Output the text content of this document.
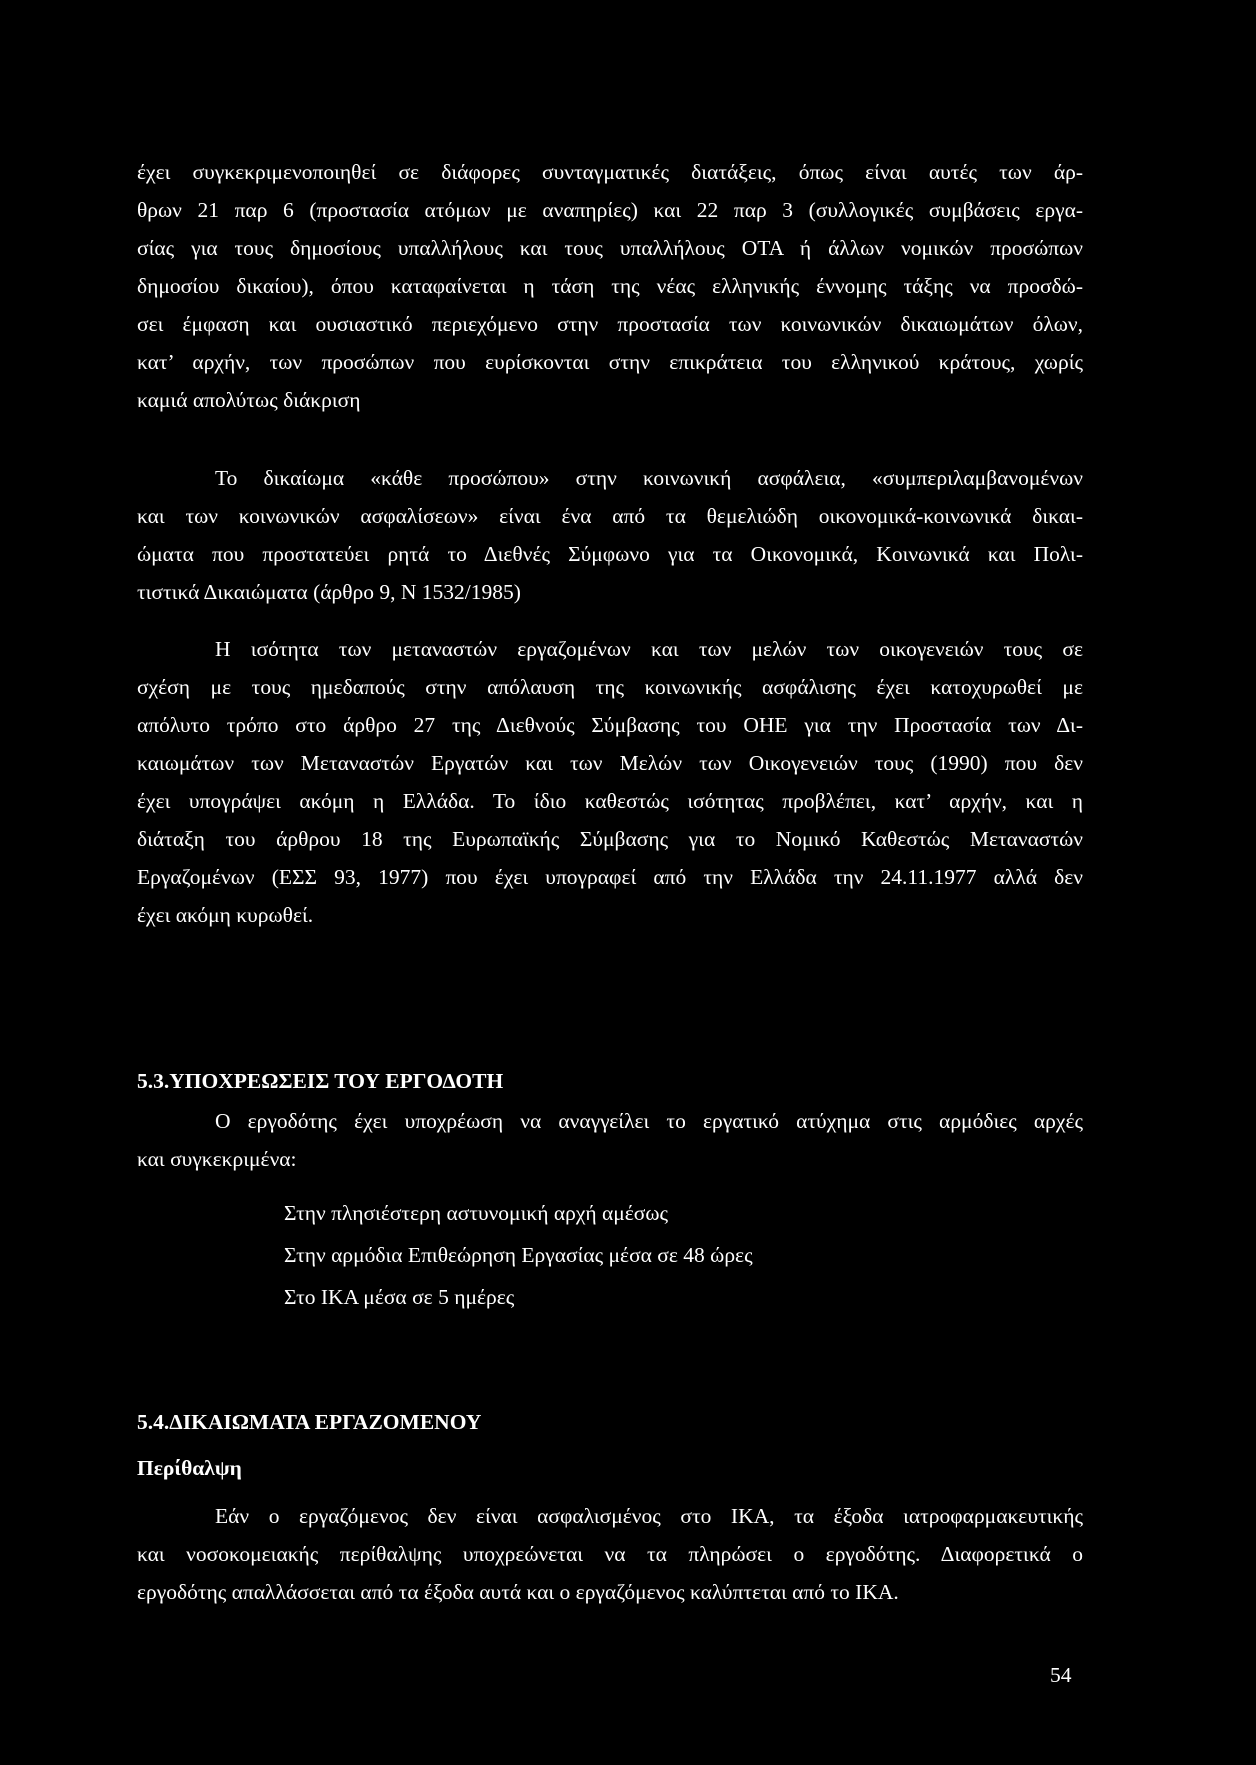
έχει συγκεκριμενοποιηθεί σε διάφορες συνταγματικές διατάξεις, όπως είναι αυτές των άρ-
θρων 21 παρ 6 (προστασία ατόμων με αναπηρίες) και 22 παρ 3 (συλλογικές συμβάσεις εργα-
σίας για τους δημοσίους υπαλλήλους και τους υπαλλήλους ΟΤΑ ή άλλων νομικών προσώπων
δημοσίου δικαίου), όπου καταφαίνεται η τάση της νέας ελληνικής έννομης τάξης να προσδώ-
σει έμφαση και ουσιαστικό περιεχόμενο στην προστασία των κοινωνικών δικαιωμάτων όλων,
κατ’ αρχήν, των προσώπων που ευρίσκονται στην επικράτεια του ελληνικού κράτους, χωρίς
καμιά απολύτως διάκριση
Το δικαίωμα «κάθε προσώπου» στην κοινωνική ασφάλεια, «συμπεριλαμβανομένων
και των κοινωνικών ασφαλίσεων» είναι ένα από τα θεμελιώδη οικονομικά-κοινωνικά δικαι-
ώματα που προστατεύει ρητά το Διεθνές Σύμφωνο για τα Οικονομικά, Κοινωνικά και Πολι-
τιστικά Δικαιώματα (άρθρο 9, Ν 1532/1985)
Η ισότητα των μεταναστών εργαζομένων και των μελών των οικογενειών τους σε
σχέση με τους ημεδαπούς στην απόλαυση της κοινωνικής ασφάλισης έχει κατοχυρωθεί με
απόλυτο τρόπο στο άρθρο 27 της Διεθνούς Σύμβασης του ΟΗΕ για την Προστασία των Δι-
καιωμάτων των Μεταναστών Εργατών και των Μελών των Οικογενειών τους (1990) που δεν
έχει υπογράψει ακόμη η Ελλάδα. Το ίδιο καθεστώς ισότητας προβλέπει, κατ’ αρχήν, και η
διάταξη του άρθρου 18 της Ευρωπαϊκής Σύμβασης για το Νομικό Καθεστώς Μεταναστών
Εργαζομένων (ΕΣΣ 93, 1977) που έχει υπογραφεί από την Ελλάδα την 24.11.1977 αλλά δεν
έχει ακόμη κυρωθεί.
5.3.ΥΠΟΧΡΕΩΣΕΙΣ ΤΟΥ ΕΡΓΟΔΟΤΗ
Ο εργοδότης έχει υποχρέωση να αναγγείλει το εργατικό ατύχημα στις αρμόδιες αρχές
και συγκεκριμένα:
Στην πλησιέστερη αστυνομική αρχή αμέσως
Στην αρμόδια Επιθεώρηση Εργασίας μέσα σε 48 ώρες
Στο ΙΚΑ μέσα σε 5 ημέρες
5.4.ΔΙΚΑΙΩΜΑΤΑ ΕΡΓΑΖΟΜΕΝΟΥ
Περίθαλψη
Εάν ο εργαζόμενος δεν είναι ασφαλισμένος στο ΙΚΑ, τα έξοδα ιατροφαρμακευτικής
και νοσοκομειακής περίθαλψης υποχρεώνεται να τα πληρώσει ο εργοδότης. Διαφορετικά ο
εργοδότης απαλλάσσεται από τα έξοδα αυτά και ο εργαζόμενος καλύπτεται από το ΙΚΑ.
54
